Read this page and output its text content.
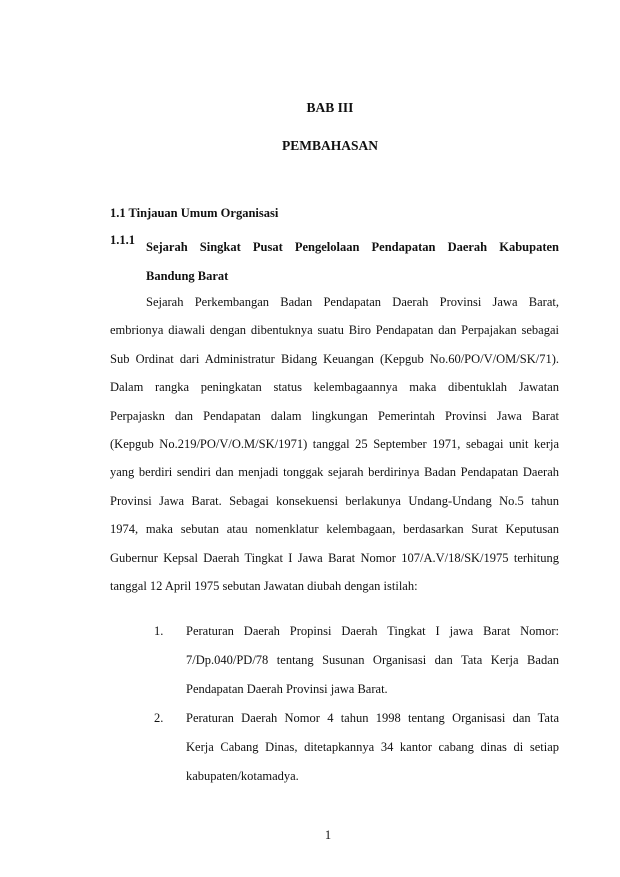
BAB III
PEMBAHASAN
1.1 Tinjauan Umum Organisasi
1.1.1 Sejarah Singkat Pusat Pengelolaan Pendapatan Daerah Kabupaten
Bandung Barat
Sejarah Perkembangan Badan Pendapatan Daerah Provinsi Jawa Barat,
embrionya diawali dengan dibentuknya suatu Biro Pendapatan dan Perpajakan sebagai
Sub Ordinat dari Administratur Bidang Keuangan (Kepgub No.60/PO/V/OM/SK/71).
Dalam rangka peningkatan status kelembagaannya maka dibentuklah Jawatan
Perpajaskn dan Pendapatan dalam lingkungan Pemerintah Provinsi Jawa Barat
(Kepgub No.219/PO/V/O.M/SK/1971) tanggal 25 September 1971, sebagai unit kerja
yang berdiri sendiri dan menjadi tonggak sejarah berdirinya Badan Pendapatan Daerah
Provinsi Jawa Barat. Sebagai konsekuensi berlakunya Undang-Undang No.5 tahun
1974, maka sebutan atau nomenklatur kelembagaan, berdasarkan Surat Keputusan
Gubernur Kepsal Daerah Tingkat I Jawa Barat Nomor 107/A.V/18/SK/1975 terhitung
tanggal 12 April 1975 sebutan Jawatan diubah dengan istilah:
1. Peraturan Daerah Propinsi Daerah Tingkat I jawa Barat Nomor:
7/Dp.040/PD/78 tentang Susunan Organisasi dan Tata Kerja Badan
Pendapatan Daerah Provinsi jawa Barat.
2. Peraturan Daerah Nomor 4 tahun 1998 tentang Organisasi dan Tata
Kerja Cabang Dinas, ditetapkannya 34 kantor cabang dinas di setiap
kabupaten/kotamadya.
1
